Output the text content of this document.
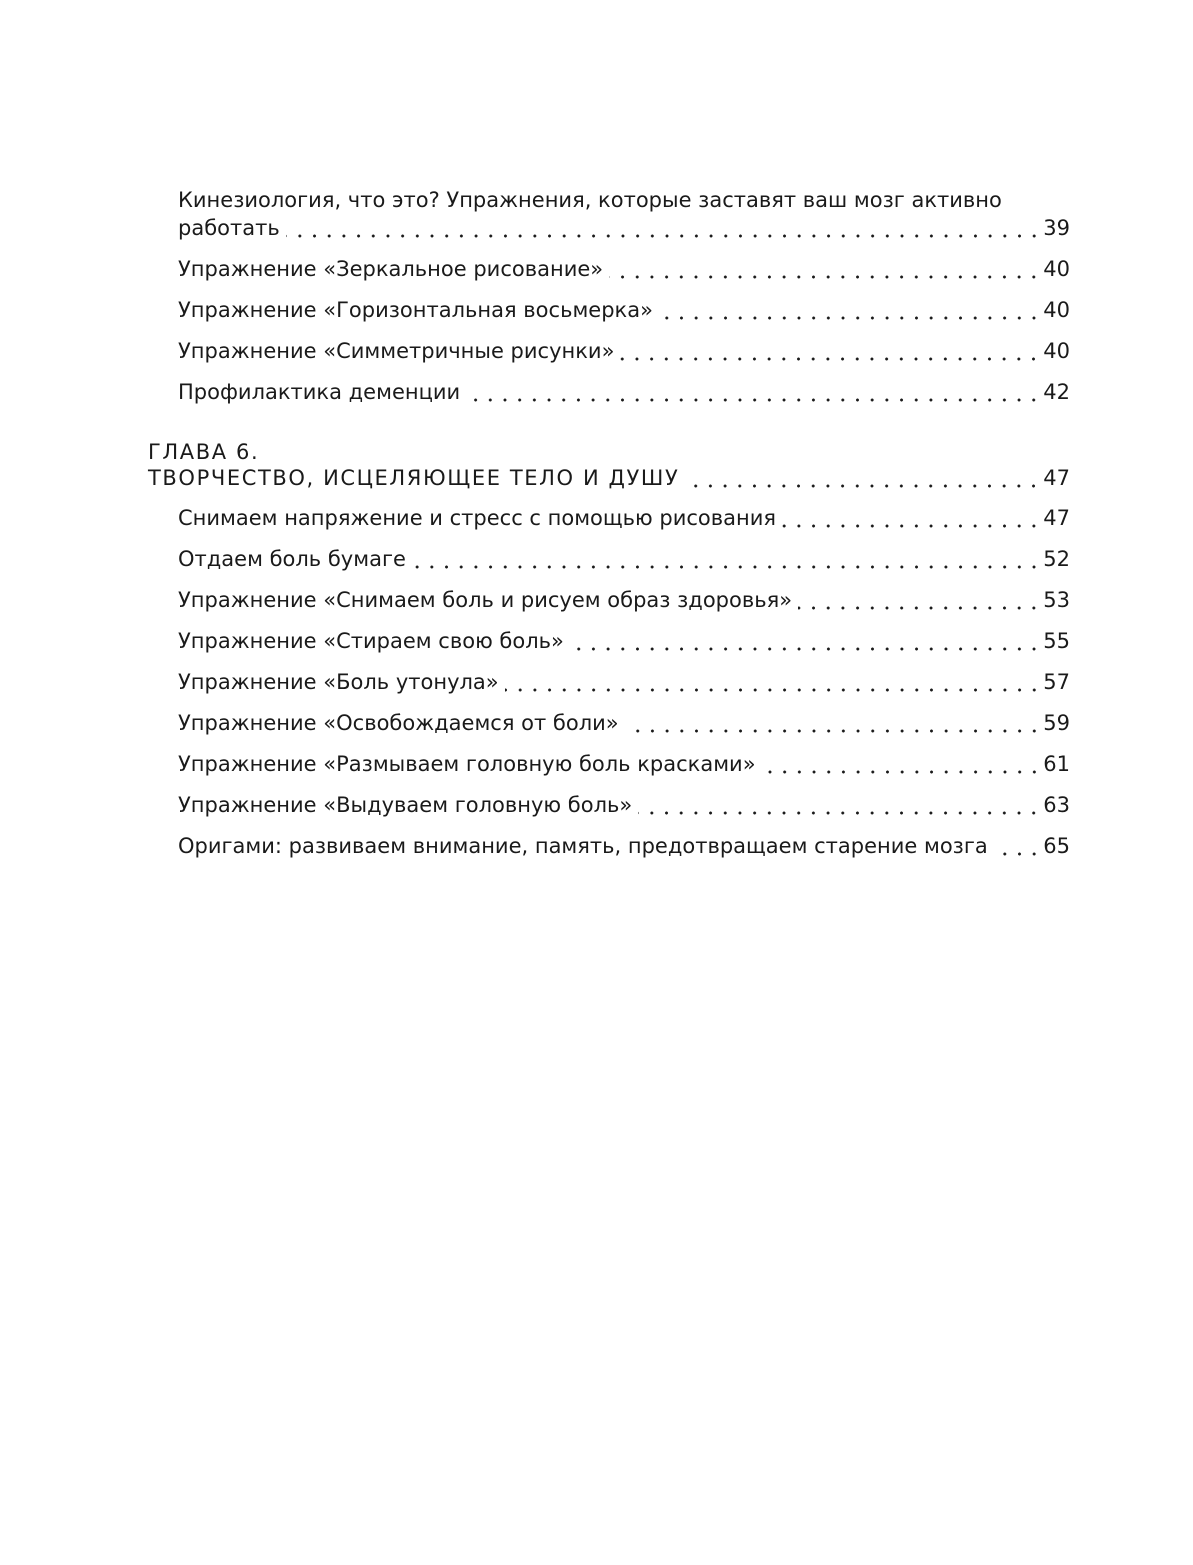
Кинезиология, что это? Упражнения, которые заставят ваш мозг активно
работать	39
Упражнение «Зеркальное рисование»	40
Упражнение «Горизонтальная восьмерка»	40
Упражнение «Симметричные рисунки»	40
Профилактика деменции	42
ГЛАВА 6.
ТВОРЧЕСТВО, ИСЦЕЛЯЮЩЕЕ ТЕЛО И ДУШУ	47
Снимаем напряжение и стресс с помощью рисования	47
Отдаем боль бумаге	52
Упражнение «Снимаем боль и рисуем образ здоровья»	53
Упражнение «Стираем свою боль»	55
Упражнение «Боль утонула»	57
Упражнение «Освобождаемся от боли»	59
Упражнение «Размываем головную боль красками»	61
Упражнение «Выдуваем головную боль»	63
Оригами: развиваем внимание, память, предотвращаем старение мозга	65
